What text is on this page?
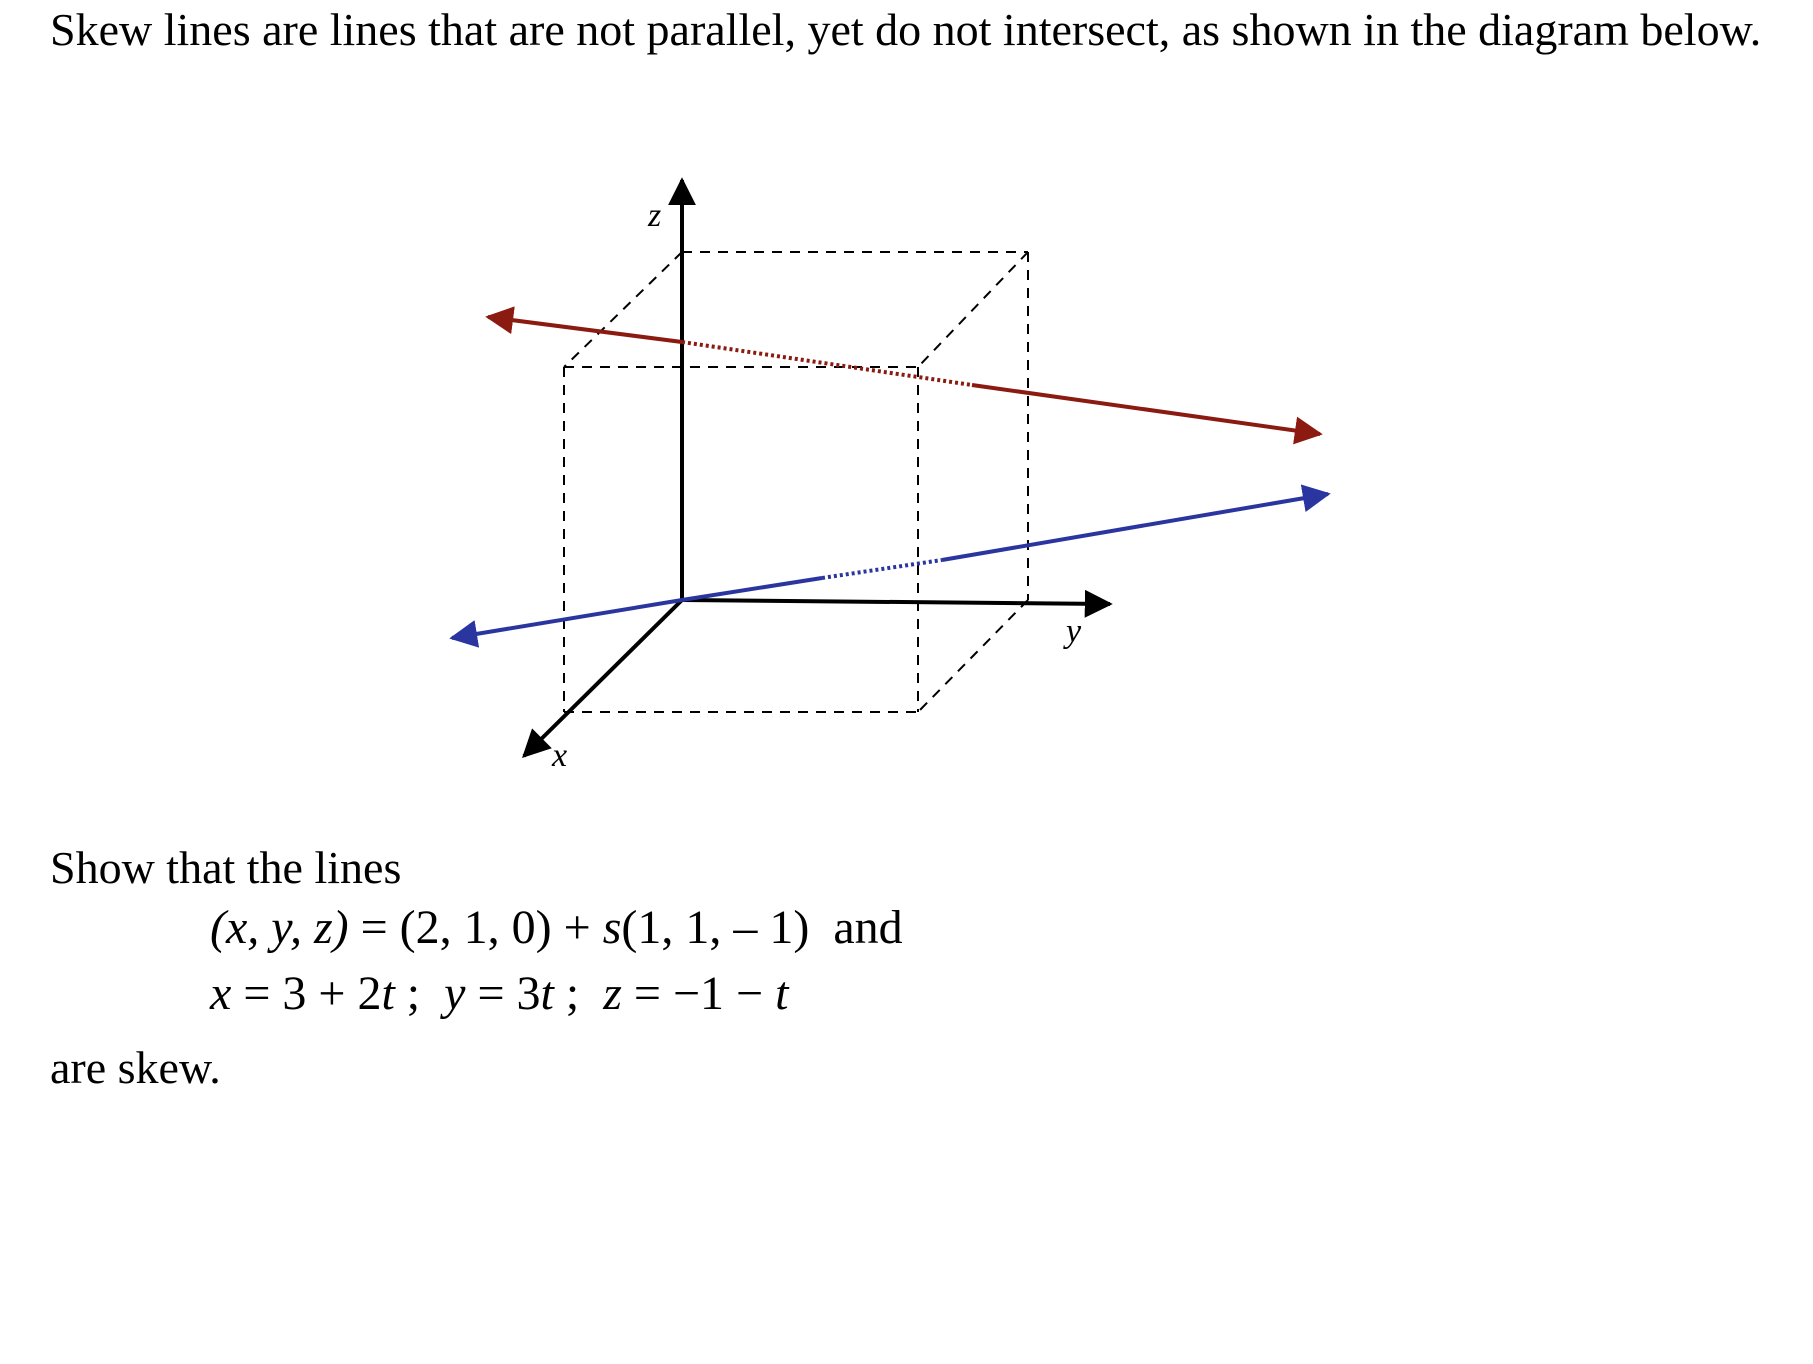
Skew lines are lines that are not parallel, yet do not intersect, as shown in the diagram below.

z
y
x

Show that the lines

(x, y, z) = (2, 1, 0) + s(1, 1, – 1)  and
x = 3 + 2t ;  y = 3t ;  z = −1 − t

are skew.
